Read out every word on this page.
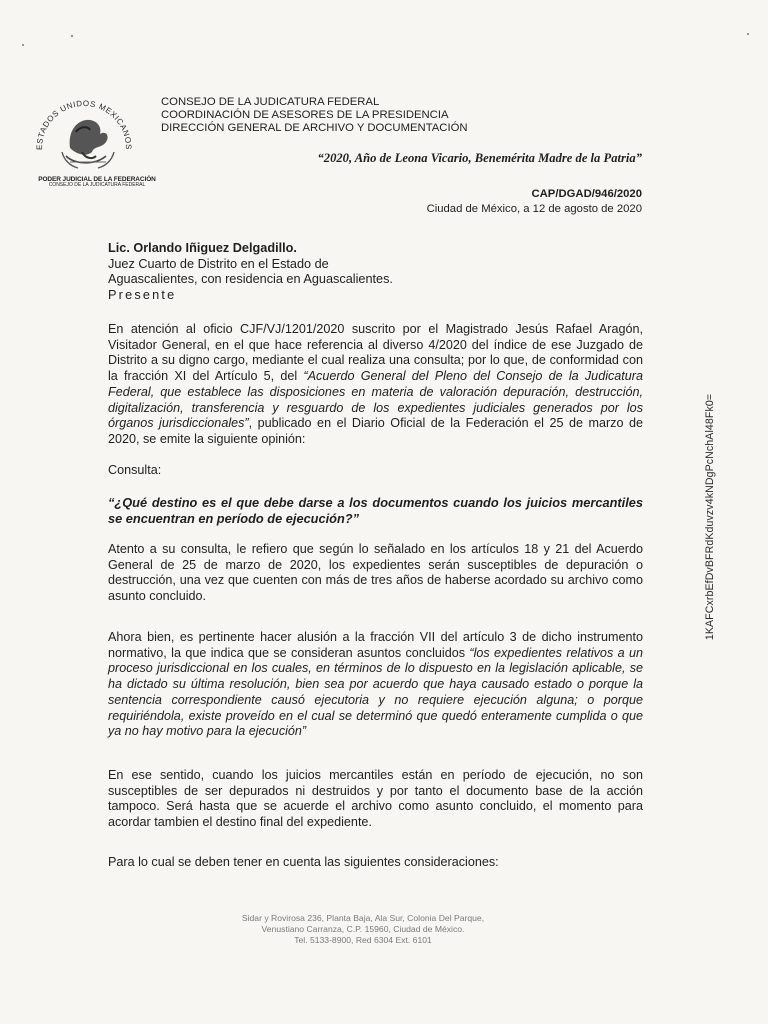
ESTADOS UNIDOS MEXICANOS
PODER JUDICIAL DE LA FEDERACIÓN
CONSEJO DE LA JUDICATURA FEDERAL
CONSEJO DE LA JUDICATURA FEDERAL
COORDINACIÓN DE ASESORES DE LA PRESIDENCIA
DIRECCIÓN GENERAL DE ARCHIVO Y DOCUMENTACIÓN
“2020, Año de Leona Vicario, Benemérita Madre de la Patria”
CAP/DGAD/946/2020
Ciudad de México, a 12 de agosto de 2020
Lic. Orlando Iñiguez Delgadillo.
Juez Cuarto de Distrito en el Estado de
Aguascalientes, con residencia en Aguascalientes.
Presente
En atención al oficio CJF/VJ/1201/2020 suscrito por el Magistrado Jesús Rafael Aragón, Visitador General, en el que hace referencia al diverso 4/2020 del índice de ese Juzgado de Distrito a su digno cargo, mediante el cual realiza una consulta; por lo que, de conformidad con la fracción XI del Artículo 5, del “Acuerdo General del Pleno del Consejo de la Judicatura Federal, que establece las disposiciones en materia de valoración depuración, destrucción, digitalización, transferencia y resguardo de los expedientes judiciales generados por los órganos jurisdiccionales”, publicado en el Diario Oficial de la Federación el 25 de marzo de 2020, se emite la siguiente opinión:
Consulta:
“¿Qué destino es el que debe darse a los documentos cuando los juicios mercantiles se encuentran en período de ejecución?”
Atento a su consulta, le refiero que según lo señalado en los artículos 18 y 21 del Acuerdo General de 25 de marzo de 2020, los expedientes serán susceptibles de depuración o destrucción, una vez que cuenten con más de tres años de haberse acordado su archivo como asunto concluido.
Ahora bien, es pertinente hacer alusión a la fracción VII del artículo 3 de dicho instrumento normativo, la que indica que se consideran asuntos concluidos “los expedientes relativos a un proceso jurisdiccional en los cuales, en términos de lo dispuesto en la legislación aplicable, se ha dictado su última resolución, bien sea por acuerdo que haya causado estado o porque la sentencia correspondiente causó ejecutoria y no requiere ejecución alguna; o porque requiriéndola, existe proveído en el cual se determinó que quedó enteramente cumplida o que ya no hay motivo para la ejecución”
En ese sentido, cuando los juicios mercantiles están en período de ejecución, no son susceptibles de ser depurados ni destruidos y por tanto el documento base de la acción tampoco. Será hasta que se acuerde el archivo como asunto concluido, el momento para acordar tambien el destino final del expediente.
Para lo cual se deben tener en cuenta las siguientes consideraciones:
Sidar y Rovirosa 236, Planta Baja, Ala Sur, Colonia Del Parque,
Venustiano Carranza, C.P. 15960, Ciudad de México.
Tel. 5133-8900, Red 6304 Ext. 6101
1KAFCxrbEfDvBFRdKduvzv4kNDgPcNchAl48Fk0=
